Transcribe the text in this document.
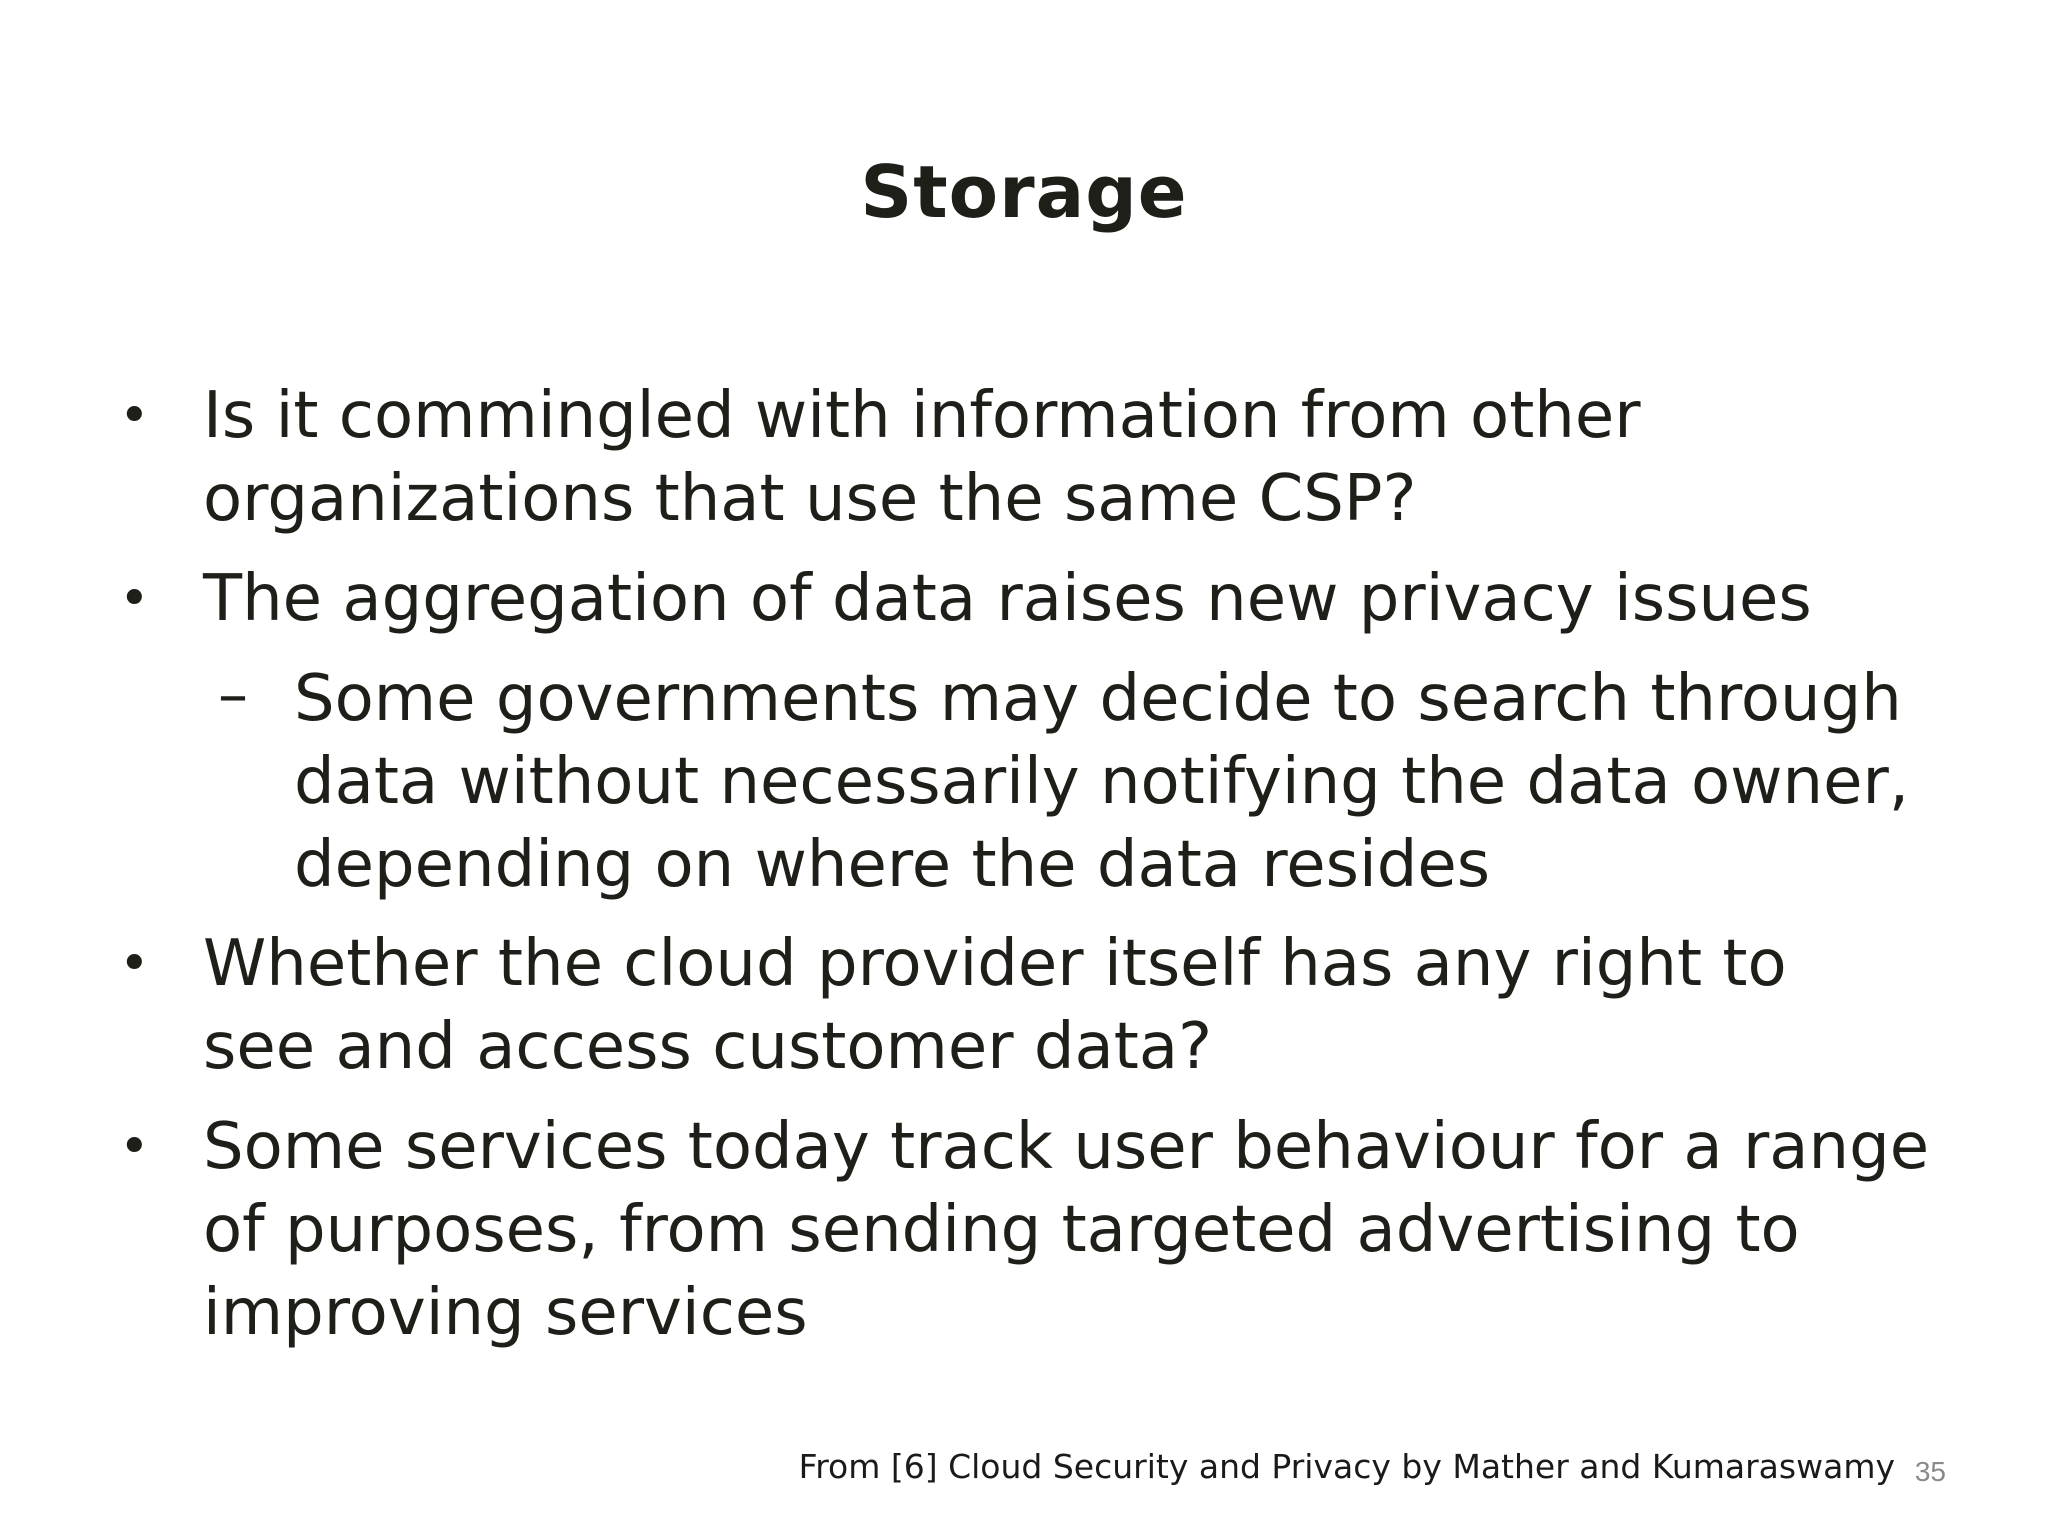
Storage
• Is it commingled with information from other
organizations that use the same CSP?
• The aggregation of data raises new privacy issues
– Some governments may decide to search through
data without necessarily notifying the data owner,
depending on where the data resides
• Whether the cloud provider itself has any right to
see and access customer data?
• Some services today track user behaviour for a range
of purposes, from sending targeted advertising to
improving services
From [6] Cloud Security and Privacy by Mather and Kumaraswamy 35
